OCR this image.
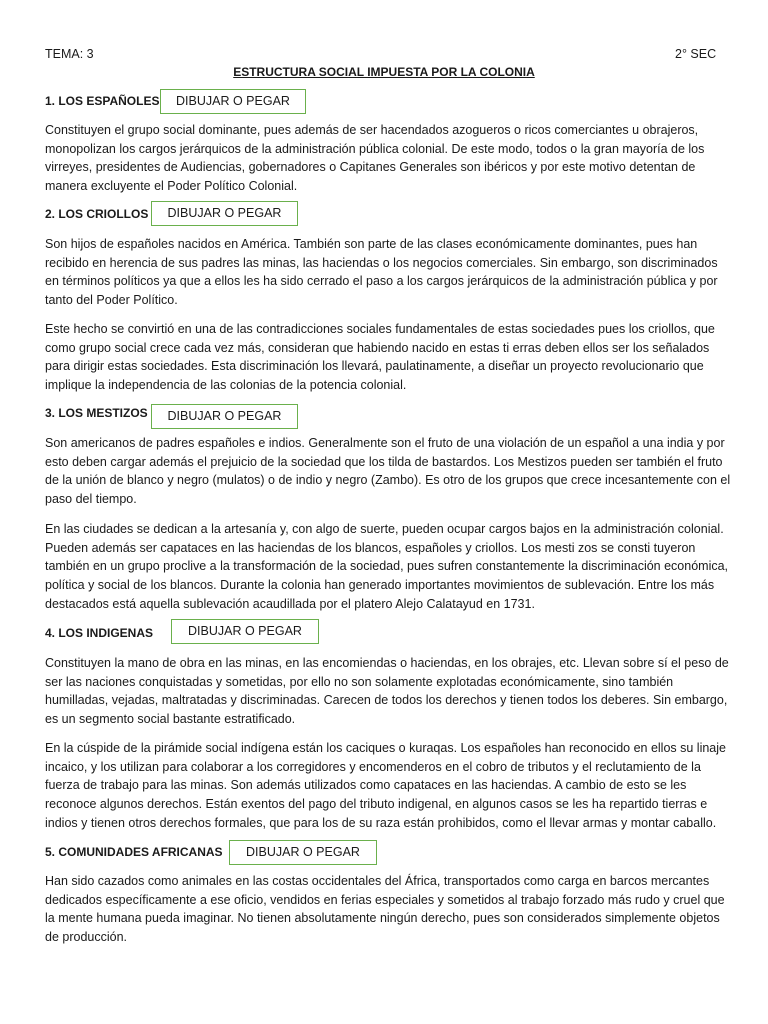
TEMA: 3	2° SEC
ESTRUCTURA SOCIAL IMPUESTA POR LA COLONIA
1. LOS ESPAÑOLES	DIBUJAR O PEGAR

Constituyen el grupo social dominante, pues además de ser hacendados azogueros o ricos comerciantes u obrajeros, monopolizan los cargos jerárquicos de la administración pública colonial. De este modo, todos o la gran mayoría de los virreyes, presidentes de Audiencias, gobernadores o Capitanes Generales son ibéricos y por este motivo detentan de manera excluyente el Poder Político Colonial.

2. LOS CRIOLLOS	DIBUJAR O PEGAR

Son hijos de españoles nacidos en América. También son parte de las clases económicamente dominantes, pues han recibido en herencia de sus padres las minas, las haciendas o los negocios comerciales. Sin embargo, son discriminados en términos políticos ya que a ellos les ha sido cerrado el paso a los cargos jerárquicos de la administración pública y por tanto del Poder Político.

Este hecho se convirtió en una de las contradicciones sociales fundamentales de estas sociedades pues los criollos, que como grupo social crece cada vez más, consideran que habiendo nacido en estas ti erras deben ellos ser los señalados para dirigir estas sociedades. Esta discriminación los llevará, paulatinamente, a diseñar un proyecto revolucionario que implique la independencia de las colonias de la potencia colonial.

3. LOS MESTIZOS	DIBUJAR O PEGAR

Son americanos de padres españoles e indios. Generalmente son el fruto de una violación de un español a una india y por esto deben cargar además el prejuicio de la sociedad que los tilda de bastardos. Los Mestizos pueden ser también el fruto de la unión de blanco y negro (mulatos) o de indio y negro (Zambo). Es otro de los grupos que crece incesantemente con el paso del tiempo.

En las ciudades se dedican a la artesanía y, con algo de suerte, pueden ocupar cargos bajos en la administración colonial. Pueden además ser capataces en las haciendas de los blancos, españoles y criollos. Los mesti zos se consti tuyeron también en un grupo proclive a la transformación de la sociedad, pues sufren constantemente la discriminación económica, política y social de los blancos. Durante la colonia han generado importantes movimientos de sublevación. Entre los más destacados está aquella sublevación acaudillada por el platero Alejo Calatayud en 1731.

4. LOS INDIGENAS	DIBUJAR O PEGAR

Constituyen la mano de obra en las minas, en las encomiendas o haciendas, en los obrajes, etc. Llevan sobre sí el peso de ser las naciones conquistadas y sometidas, por ello no son solamente explotadas económicamente, sino también humilladas, vejadas, maltratadas y discriminadas. Carecen de todos los derechos y tienen todos los deberes. Sin embargo, es un segmento social bastante estratificado.

En la cúspide de la pirámide social indígena están los caciques o kuraqas. Los españoles han reconocido en ellos su linaje incaico, y los utilizan para colaborar a los corregidores y encomenderos en el cobro de tributos y el reclutamiento de la fuerza de trabajo para las minas. Son además utilizados como capataces en las haciendas. A cambio de esto se les reconoce algunos derechos. Están exentos del pago del tributo indigenal, en algunos casos se les ha repartido tierras e indios y tienen otros derechos formales, que para los de su raza están prohibidos, como el llevar armas y montar caballo.

5. COMUNIDADES AFRICANAS	DIBUJAR O PEGAR

Han sido cazados como animales en las costas occidentales del África, transportados como carga en barcos mercantes dedicados específicamente a ese oficio, vendidos en ferias especiales y sometidos al trabajo forzado más rudo y cruel que la mente humana pueda imaginar. No tienen absolutamente ningún derecho, pues son considerados simplemente objetos de producción.
